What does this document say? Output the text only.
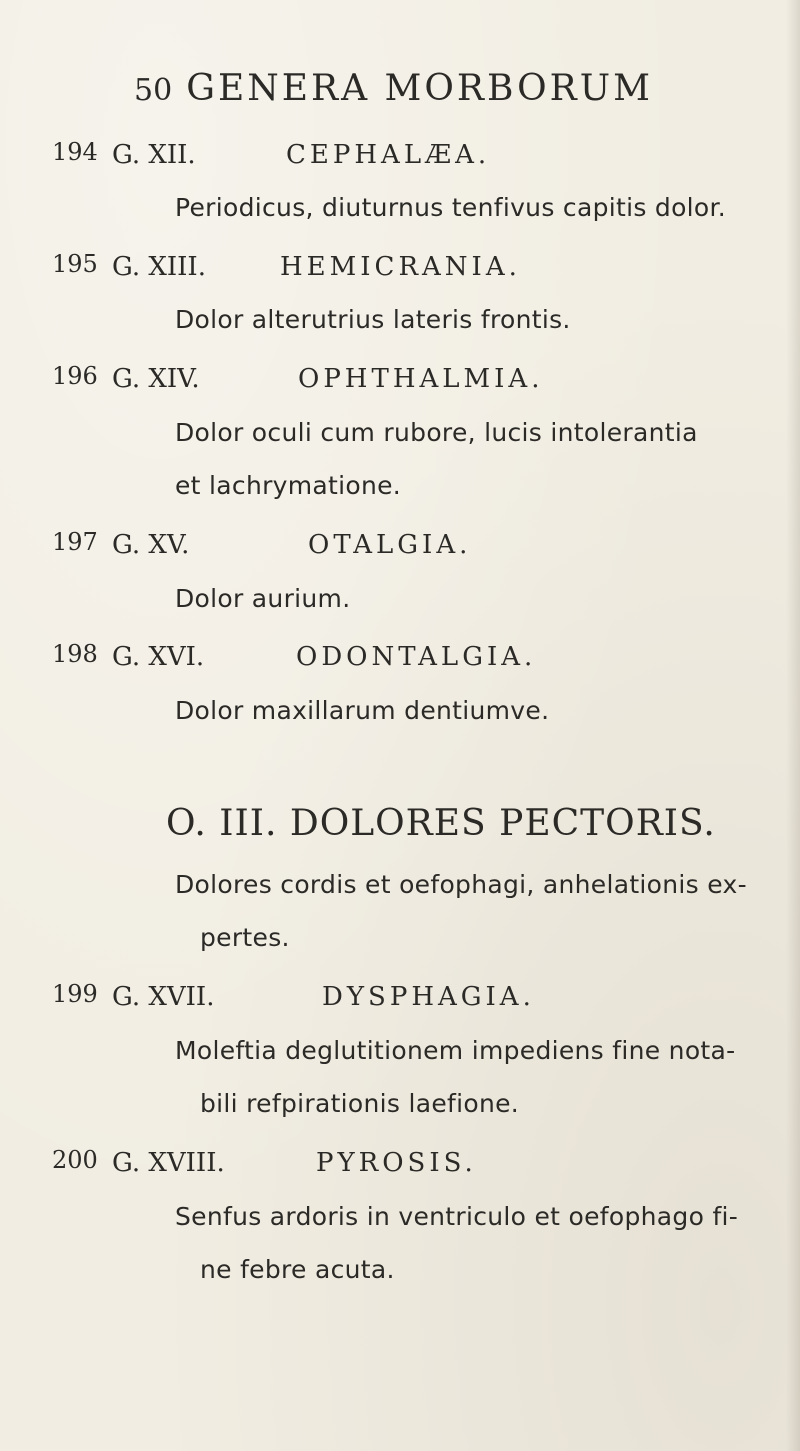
50 GENERA MORBORUM
194 G. XII.	CEPHALÆA.
Periodicus, diuturnus tenfivus capitis dolor.
195 G. XIII.	HEMICRANIA.
Dolor alterutrius lateris frontis.
196 G. XIV.	OPHTHALMIA.
Dolor oculi cum rubore, lucis intolerantia
et lachrymatione.
197 G. XV.	OTALGIA.
Dolor aurium.
198 G. XVI.	ODONTALGIA.
Dolor maxillarum dentiumve.
O. III. DOLORES PECTORIS.
Dolores cordis et oefophagi, anhelationis ex-
pertes.
199 G. XVII.	DYSPHAGIA.
Moleftia deglutitionem impediens fine nota-
bili refpirationis laefione.
200 G. XVIII.	PYROSIS.
Senfus ardoris in ventriculo et oefophago fi-
ne febre acuta.
